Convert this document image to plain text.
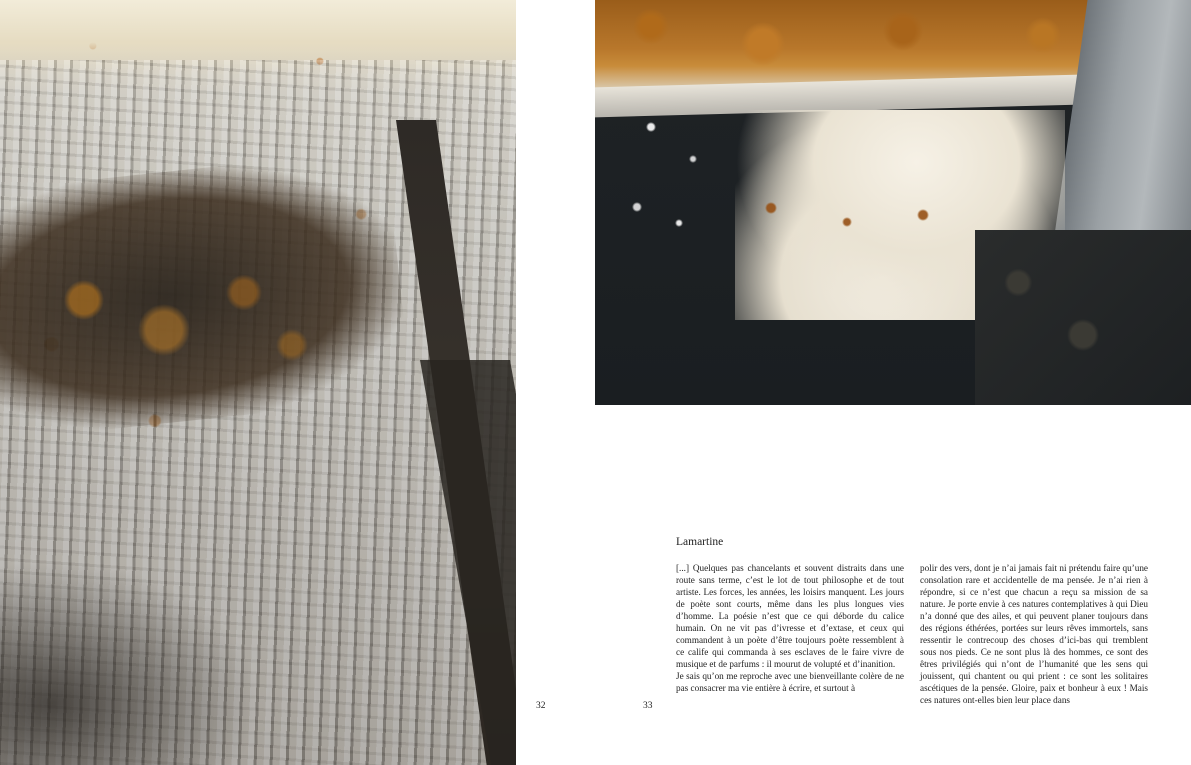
32	33
Lamartine

[...] Quelques pas chancelants et souvent distraits dans une route sans terme, c’est le lot de tout philosophe et de tout artiste. Les forces, les années, les loisirs manquent. Les jours de poète sont courts, même dans les plus longues vies d’homme. La poésie n’est que ce qui déborde du calice humain. On ne vit pas d’ivresse et d’extase, et ceux qui commandent à un poète d’être toujours poète ressemblent à ce calife qui commanda à ses esclaves de le faire vivre de musique et de parfums : il mourut de volupté et d’inanition.

Je sais qu’on me reproche avec une bienveillante colère de ne pas consacrer ma vie entière à écrire, et surtout à

polir des vers, dont je n’ai jamais fait ni prétendu faire qu’une consolation rare et accidentelle de ma pensée. Je n’ai rien à répondre, si ce n’est que chacun a reçu sa mission de sa nature. Je porte envie à ces natures contemplatives à qui Dieu n’a donné que des ailes, et qui peuvent planer toujours dans des régions éthérées, portées sur leurs rêves immortels, sans ressentir le contrecoup des choses d’ici-bas qui tremblent sous nos pieds. Ce ne sont plus là des hommes, ce sont des êtres privilégiés qui n’ont de l’humanité que les sens qui jouissent, qui chantent ou qui prient : ce sont les solitaires ascétiques de la pensée. Gloire, paix et bonheur à eux ! Mais ces natures ont-elles bien leur place dans
